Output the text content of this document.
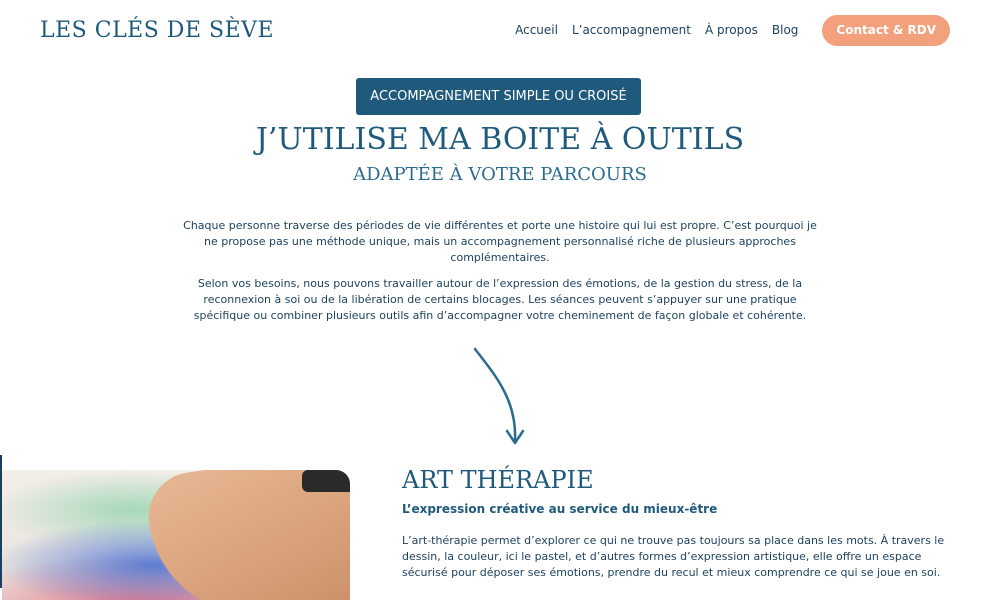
LES CLÉS DE SÈVE	Accueil L’accompagnement À propos Blog	Contact & RDV
ACCOMPAGNEMENT SIMPLE OU CROISÉ
J’UTILISE MA BOITE À OUTILS
ADAPTÉE À VOTRE PARCOURS

Chaque personne traverse des périodes de vie différentes et porte une histoire qui lui est propre. C’est pourquoi je ne propose pas une méthode unique, mais un accompagnement personnalisé riche de plusieurs approches complémentaires.

Selon vos besoins, nous pouvons travailler autour de l’expression des émotions, de la gestion du stress, de la reconnexion à soi ou de la libération de certains blocages. Les séances peuvent s’appuyer sur une pratique spécifique ou combiner plusieurs outils afin d’accompagner votre cheminement de façon globale et cohérente.

ART THÉRAPIE
L’expression créative au service du mieux-être
L’art-thérapie permet d’explorer ce qui ne trouve pas toujours sa place dans les mots. À travers le dessin, la couleur, ici le pastel, et d’autres formes d’expression artistique, elle offre un espace sécurisé pour déposer ses émotions, prendre du recul et mieux comprendre ce qui se joue en soi.
